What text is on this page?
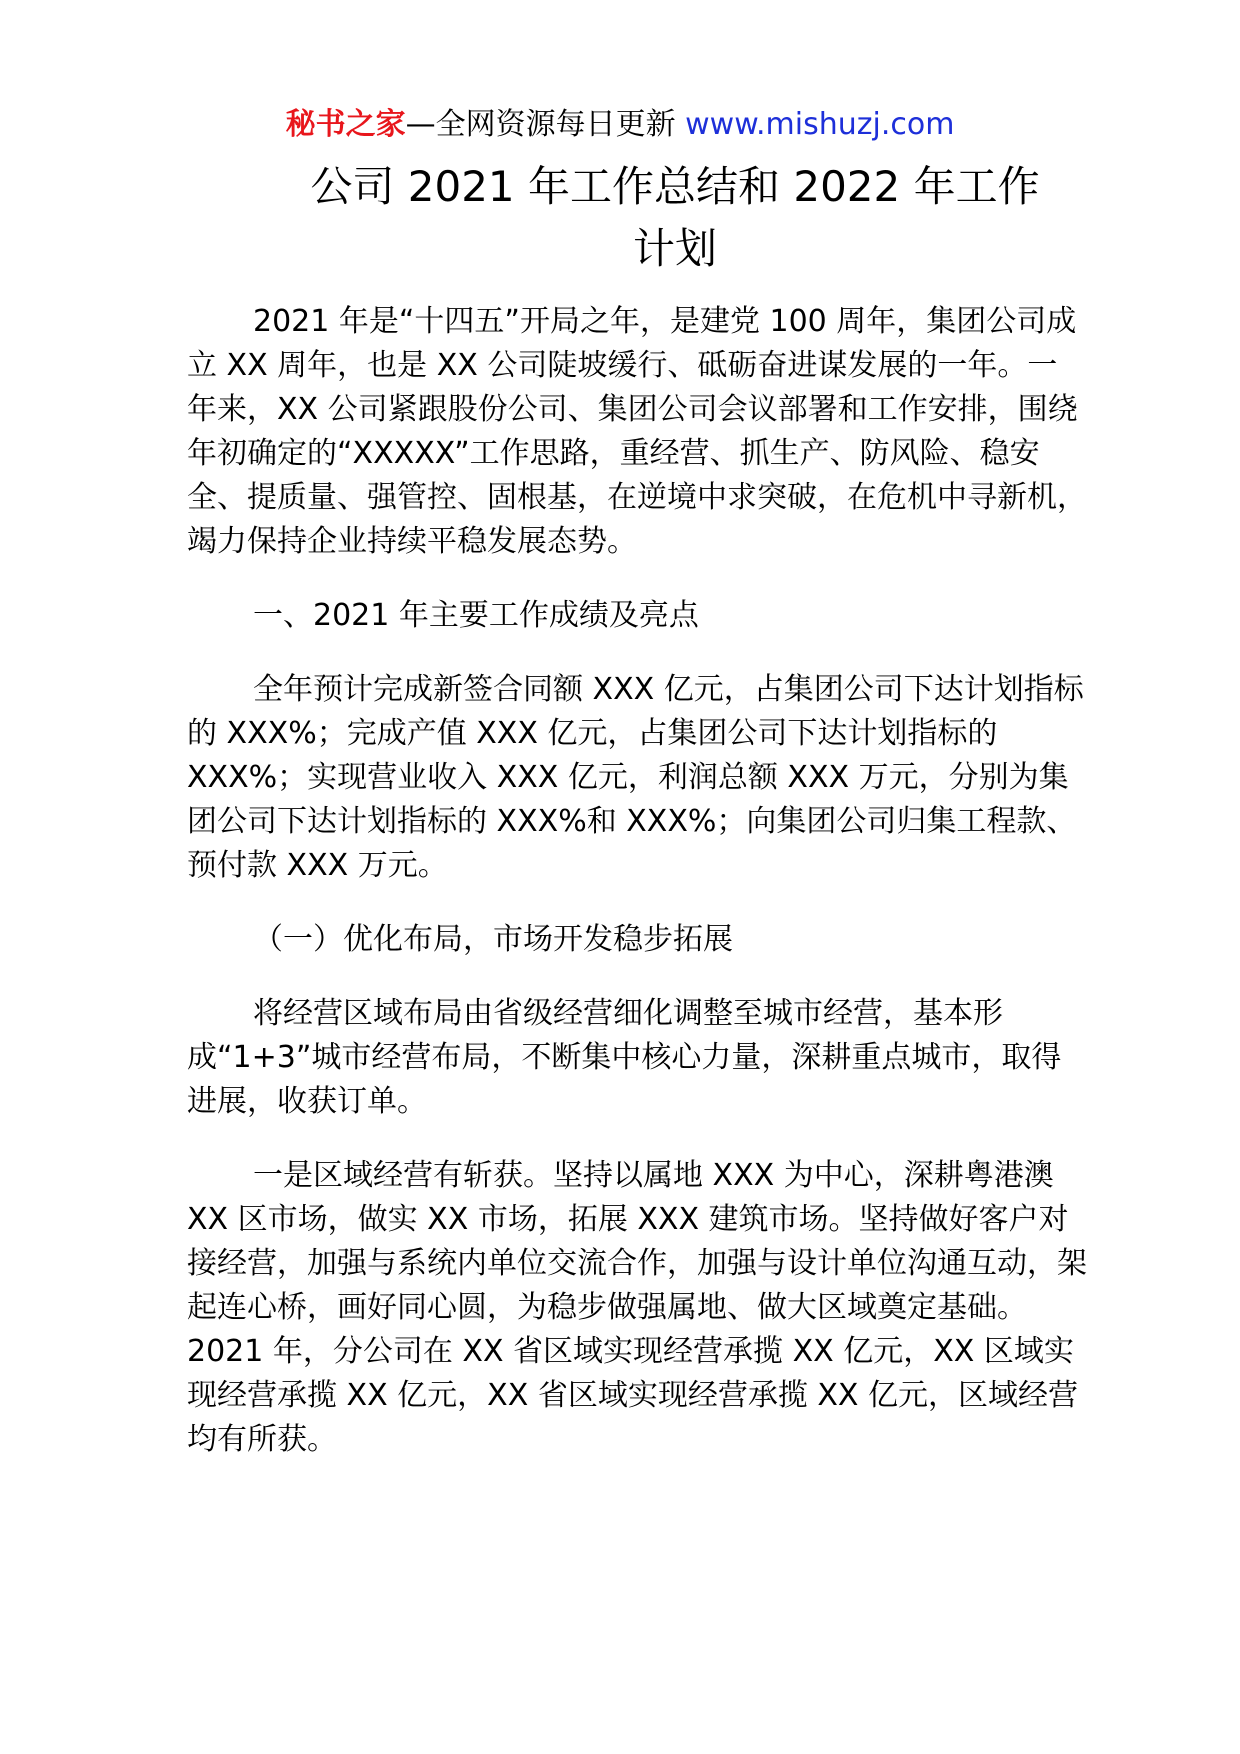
秘书之家—全网资源每日更新 www.mishuzj.com
公司 2021 年工作总结和 2022 年工作计划

2021 年是“十四五”开局之年，是建党 100 周年，集团公司成立 XX 周年，也是 XX 公司陡坡缓行、砥砺奋进谋发展的一年。一年来，XX 公司紧跟股份公司、集团公司会议部署和工作安排，围绕年初确定的“XXXXX”工作思路，重经营、抓生产、防风险、稳安全、提质量、强管控、固根基，在逆境中求突破，在危机中寻新机，竭力保持企业持续平稳发展态势。

一、2021 年主要工作成绩及亮点

全年预计完成新签合同额 XXX 亿元，占集团公司下达计划指标的 XXX%；完成产值 XXX 亿元，占集团公司下达计划指标的 XXX%；实现营业收入 XXX 亿元，利润总额 XXX 万元，分别为集团公司下达计划指标的 XXX%和 XXX%；向集团公司归集工程款、预付款 XXX 万元。

（一）优化布局，市场开发稳步拓展

将经营区域布局由省级经营细化调整至城市经营，基本形成“1+3”城市经营布局，不断集中核心力量，深耕重点城市，取得进展，收获订单。

一是区域经营有斩获。坚持以属地 XXX 为中心，深耕粤港澳 XX 区市场，做实 XX 市场，拓展 XXX 建筑市场。坚持做好客户对接经营，加强与系统内单位交流合作，加强与设计单位沟通互动，架起连心桥，画好同心圆，为稳步做强属地、做大区域奠定基础。2021 年，分公司在 XX 省区域实现经营承揽 XX 亿元，XX 区域实现经营承揽 XX 亿元，XX 省区域实现经营承揽 XX 亿元，区域经营均有所获。
